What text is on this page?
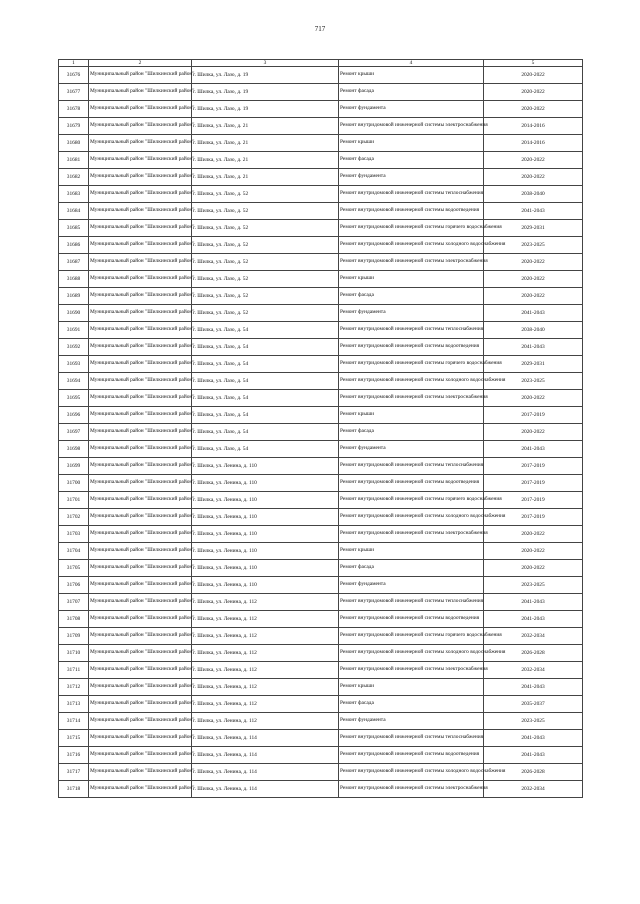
717
1	2	3	4	5
31676	Муниципальный район "Шилкинский район"	г. Шилка, ул. Лазо, д. 19	Ремонт крыши	2020-2022
31677	Муниципальный район "Шилкинский район"	г. Шилка, ул. Лазо, д. 19	Ремонт фасада	2020-2022
31678	Муниципальный район "Шилкинский район"	г. Шилка, ул. Лазо, д. 19	Ремонт фундамента	2020-2022
31679	Муниципальный район "Шилкинский район"	г. Шилка, ул. Лазо, д. 21	Ремонт внутридомовой инженерной системы электроснабжения	2014-2016
31680	Муниципальный район "Шилкинский район"	г. Шилка, ул. Лазо, д. 21	Ремонт крыши	2014-2016
31681	Муниципальный район "Шилкинский район"	г. Шилка, ул. Лазо, д. 21	Ремонт фасада	2020-2022
31682	Муниципальный район "Шилкинский район"	г. Шилка, ул. Лазо, д. 21	Ремонт фундамента	2020-2022
31683	Муниципальный район "Шилкинский район"	г. Шилка, ул. Лазо, д. 52	Ремонт внутридомовой инженерной системы теплоснабжения	2038-2040
31684	Муниципальный район "Шилкинский район"	г. Шилка, ул. Лазо, д. 52	Ремонт внутридомовой инженерной системы водоотведения	2041-2043
31685	Муниципальный район "Шилкинский район"	г. Шилка, ул. Лазо, д. 52	Ремонт внутридомовой инженерной системы горячего водоснабжения	2029-2031
31686	Муниципальный район "Шилкинский район"	г. Шилка, ул. Лазо, д. 52	Ремонт внутридомовой инженерной системы холодного водоснабжения	2023-2025
31687	Муниципальный район "Шилкинский район"	г. Шилка, ул. Лазо, д. 52	Ремонт внутридомовой инженерной системы электроснабжения	2020-2022
31688	Муниципальный район "Шилкинский район"	г. Шилка, ул. Лазо, д. 52	Ремонт крыши	2020-2022
31689	Муниципальный район "Шилкинский район"	г. Шилка, ул. Лазо, д. 52	Ремонт фасада	2020-2022
31690	Муниципальный район "Шилкинский район"	г. Шилка, ул. Лазо, д. 52	Ремонт фундамента	2041-2043
31691	Муниципальный район "Шилкинский район"	г. Шилка, ул. Лазо, д. 54	Ремонт внутридомовой инженерной системы теплоснабжения	2038-2040
31692	Муниципальный район "Шилкинский район"	г. Шилка, ул. Лазо, д. 54	Ремонт внутридомовой инженерной системы водоотведения	2041-2043
31693	Муниципальный район "Шилкинский район"	г. Шилка, ул. Лазо, д. 54	Ремонт внутридомовой инженерной системы горячего водоснабжения	2029-2031
31694	Муниципальный район "Шилкинский район"	г. Шилка, ул. Лазо, д. 54	Ремонт внутридомовой инженерной системы холодного водоснабжения	2023-2025
31695	Муниципальный район "Шилкинский район"	г. Шилка, ул. Лазо, д. 54	Ремонт внутридомовой инженерной системы электроснабжения	2020-2022
31696	Муниципальный район "Шилкинский район"	г. Шилка, ул. Лазо, д. 54	Ремонт крыши	2017-2019
31697	Муниципальный район "Шилкинский район"	г. Шилка, ул. Лазо, д. 54	Ремонт фасада	2020-2022
31698	Муниципальный район "Шилкинский район"	г. Шилка, ул. Лазо, д. 54	Ремонт фундамента	2041-2043
31699	Муниципальный район "Шилкинский район"	г. Шилка, ул. Ленина, д. 110	Ремонт внутридомовой инженерной системы теплоснабжения	2017-2019
31700	Муниципальный район "Шилкинский район"	г. Шилка, ул. Ленина, д. 110	Ремонт внутридомовой инженерной системы водоотведения	2017-2019
31701	Муниципальный район "Шилкинский район"	г. Шилка, ул. Ленина, д. 110	Ремонт внутридомовой инженерной системы горячего водоснабжения	2017-2019
31702	Муниципальный район "Шилкинский район"	г. Шилка, ул. Ленина, д. 110	Ремонт внутридомовой инженерной системы холодного водоснабжения	2017-2019
31703	Муниципальный район "Шилкинский район"	г. Шилка, ул. Ленина, д. 110	Ремонт внутридомовой инженерной системы электроснабжения	2020-2022
31704	Муниципальный район "Шилкинский район"	г. Шилка, ул. Ленина, д. 110	Ремонт крыши	2020-2022
31705	Муниципальный район "Шилкинский район"	г. Шилка, ул. Ленина, д. 110	Ремонт фасада	2020-2022
31706	Муниципальный район "Шилкинский район"	г. Шилка, ул. Ленина, д. 110	Ремонт фундамента	2023-2025
31707	Муниципальный район "Шилкинский район"	г. Шилка, ул. Ленина, д. 112	Ремонт внутридомовой инженерной системы теплоснабжения	2041-2043
31708	Муниципальный район "Шилкинский район"	г. Шилка, ул. Ленина, д. 112	Ремонт внутридомовой инженерной системы водоотведения	2041-2043
31709	Муниципальный район "Шилкинский район"	г. Шилка, ул. Ленина, д. 112	Ремонт внутридомовой инженерной системы горячего водоснабжения	2032-2034
31710	Муниципальный район "Шилкинский район"	г. Шилка, ул. Ленина, д. 112	Ремонт внутридомовой инженерной системы холодного водоснабжения	2026-2028
31711	Муниципальный район "Шилкинский район"	г. Шилка, ул. Ленина, д. 112	Ремонт внутридомовой инженерной системы электроснабжения	2032-2034
31712	Муниципальный район "Шилкинский район"	г. Шилка, ул. Ленина, д. 112	Ремонт крыши	2041-2043
31713	Муниципальный район "Шилкинский район"	г. Шилка, ул. Ленина, д. 112	Ремонт фасада	2035-2037
31714	Муниципальный район "Шилкинский район"	г. Шилка, ул. Ленина, д. 112	Ремонт фундамента	2023-2025
31715	Муниципальный район "Шилкинский район"	г. Шилка, ул. Ленина, д. 114	Ремонт внутридомовой инженерной системы теплоснабжения	2041-2043
31716	Муниципальный район "Шилкинский район"	г. Шилка, ул. Ленина, д. 114	Ремонт внутридомовой инженерной системы водоотведения	2041-2043
31717	Муниципальный район "Шилкинский район"	г. Шилка, ул. Ленина, д. 114	Ремонт внутридомовой инженерной системы холодного водоснабжения	2026-2028
31718	Муниципальный район "Шилкинский район"	г. Шилка, ул. Ленина, д. 114	Ремонт внутридомовой инженерной системы электроснабжения	2032-2034
